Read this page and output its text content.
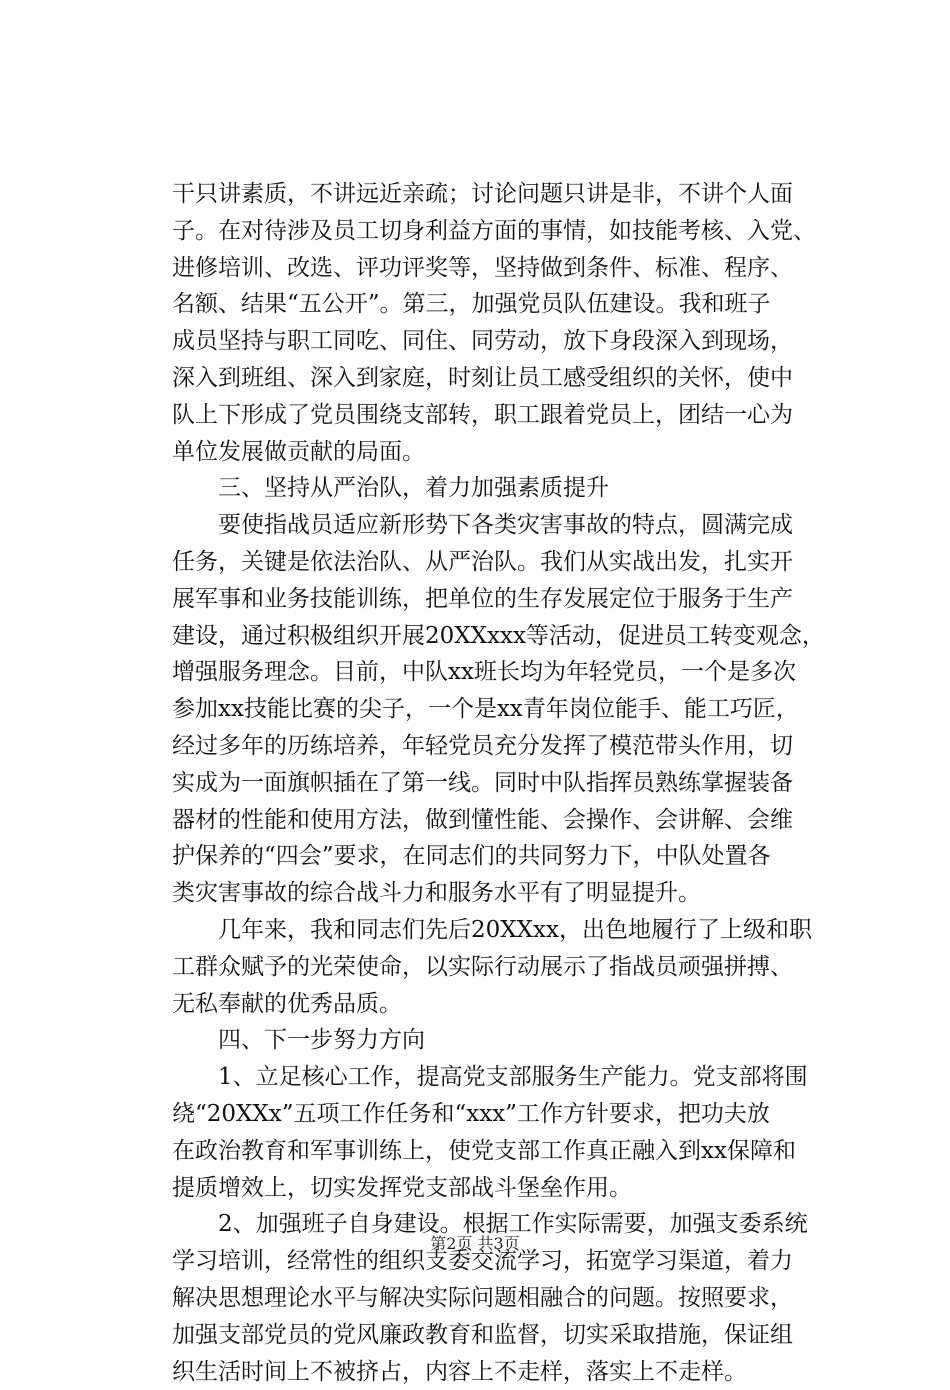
干只讲素质，不讲远近亲疏；讨论问题只讲是非，不讲个人面
子。在对待涉及员工切身利益方面的事情，如技能考核、入党、
进修培训、改选、评功评奖等，坚持做到条件、标准、程序、
名额、结果“五公开”。第三，加强党员队伍建设。我和班子
成员坚持与职工同吃、同住、同劳动，放下身段深入到现场，
深入到班组、深入到家庭，时刻让员工感受组织的关怀，使中
队上下形成了党员围绕支部转，职工跟着党员上，团结一心为
单位发展做贡献的局面。
三、坚持从严治队，着力加强素质提升
要使指战员适应新形势下各类灾害事故的特点，圆满完成
任务，关键是依法治队、从严治队。我们从实战出发，扎实开
展军事和业务技能训练，把单位的生存发展定位于服务于生产
建设，通过积极组织开展20XXxxx等活动，促进员工转变观念，
增强服务理念。目前，中队xx班长均为年轻党员，一个是多次
参加xx技能比赛的尖子，一个是xx青年岗位能手、能工巧匠，
经过多年的历练培养，年轻党员充分发挥了模范带头作用，切
实成为一面旗帜插在了第一线。同时中队指挥员熟练掌握装备
器材的性能和使用方法，做到懂性能、会操作、会讲解、会维
护保养的“四会”要求，在同志们的共同努力下，中队处置各
类灾害事故的综合战斗力和服务水平有了明显提升。
几年来，我和同志们先后20XXxx，出色地履行了上级和职
工群众赋予的光荣使命，以实际行动展示了指战员顽强拼搏、
无私奉献的优秀品质。
四、下一步努力方向
1、立足核心工作，提高党支部服务生产能力。党支部将围
绕“20XXx”五项工作任务和“xxx”工作方针要求，把功夫放
在政治教育和军事训练上，使党支部工作真正融入到xx保障和
提质增效上，切实发挥党支部战斗堡垒作用。
2、加强班子自身建设。根据工作实际需要，加强支委系统
学习培训，经常性的组织支委交流学习，拓宽学习渠道，着力
解决思想理论水平与解决实际问题相融合的问题。按照要求，
加强支部党员的党风廉政教育和监督，切实采取措施，保证组
织生活时间上不被挤占，内容上不走样，落实上不走样。
第2页 共3页
